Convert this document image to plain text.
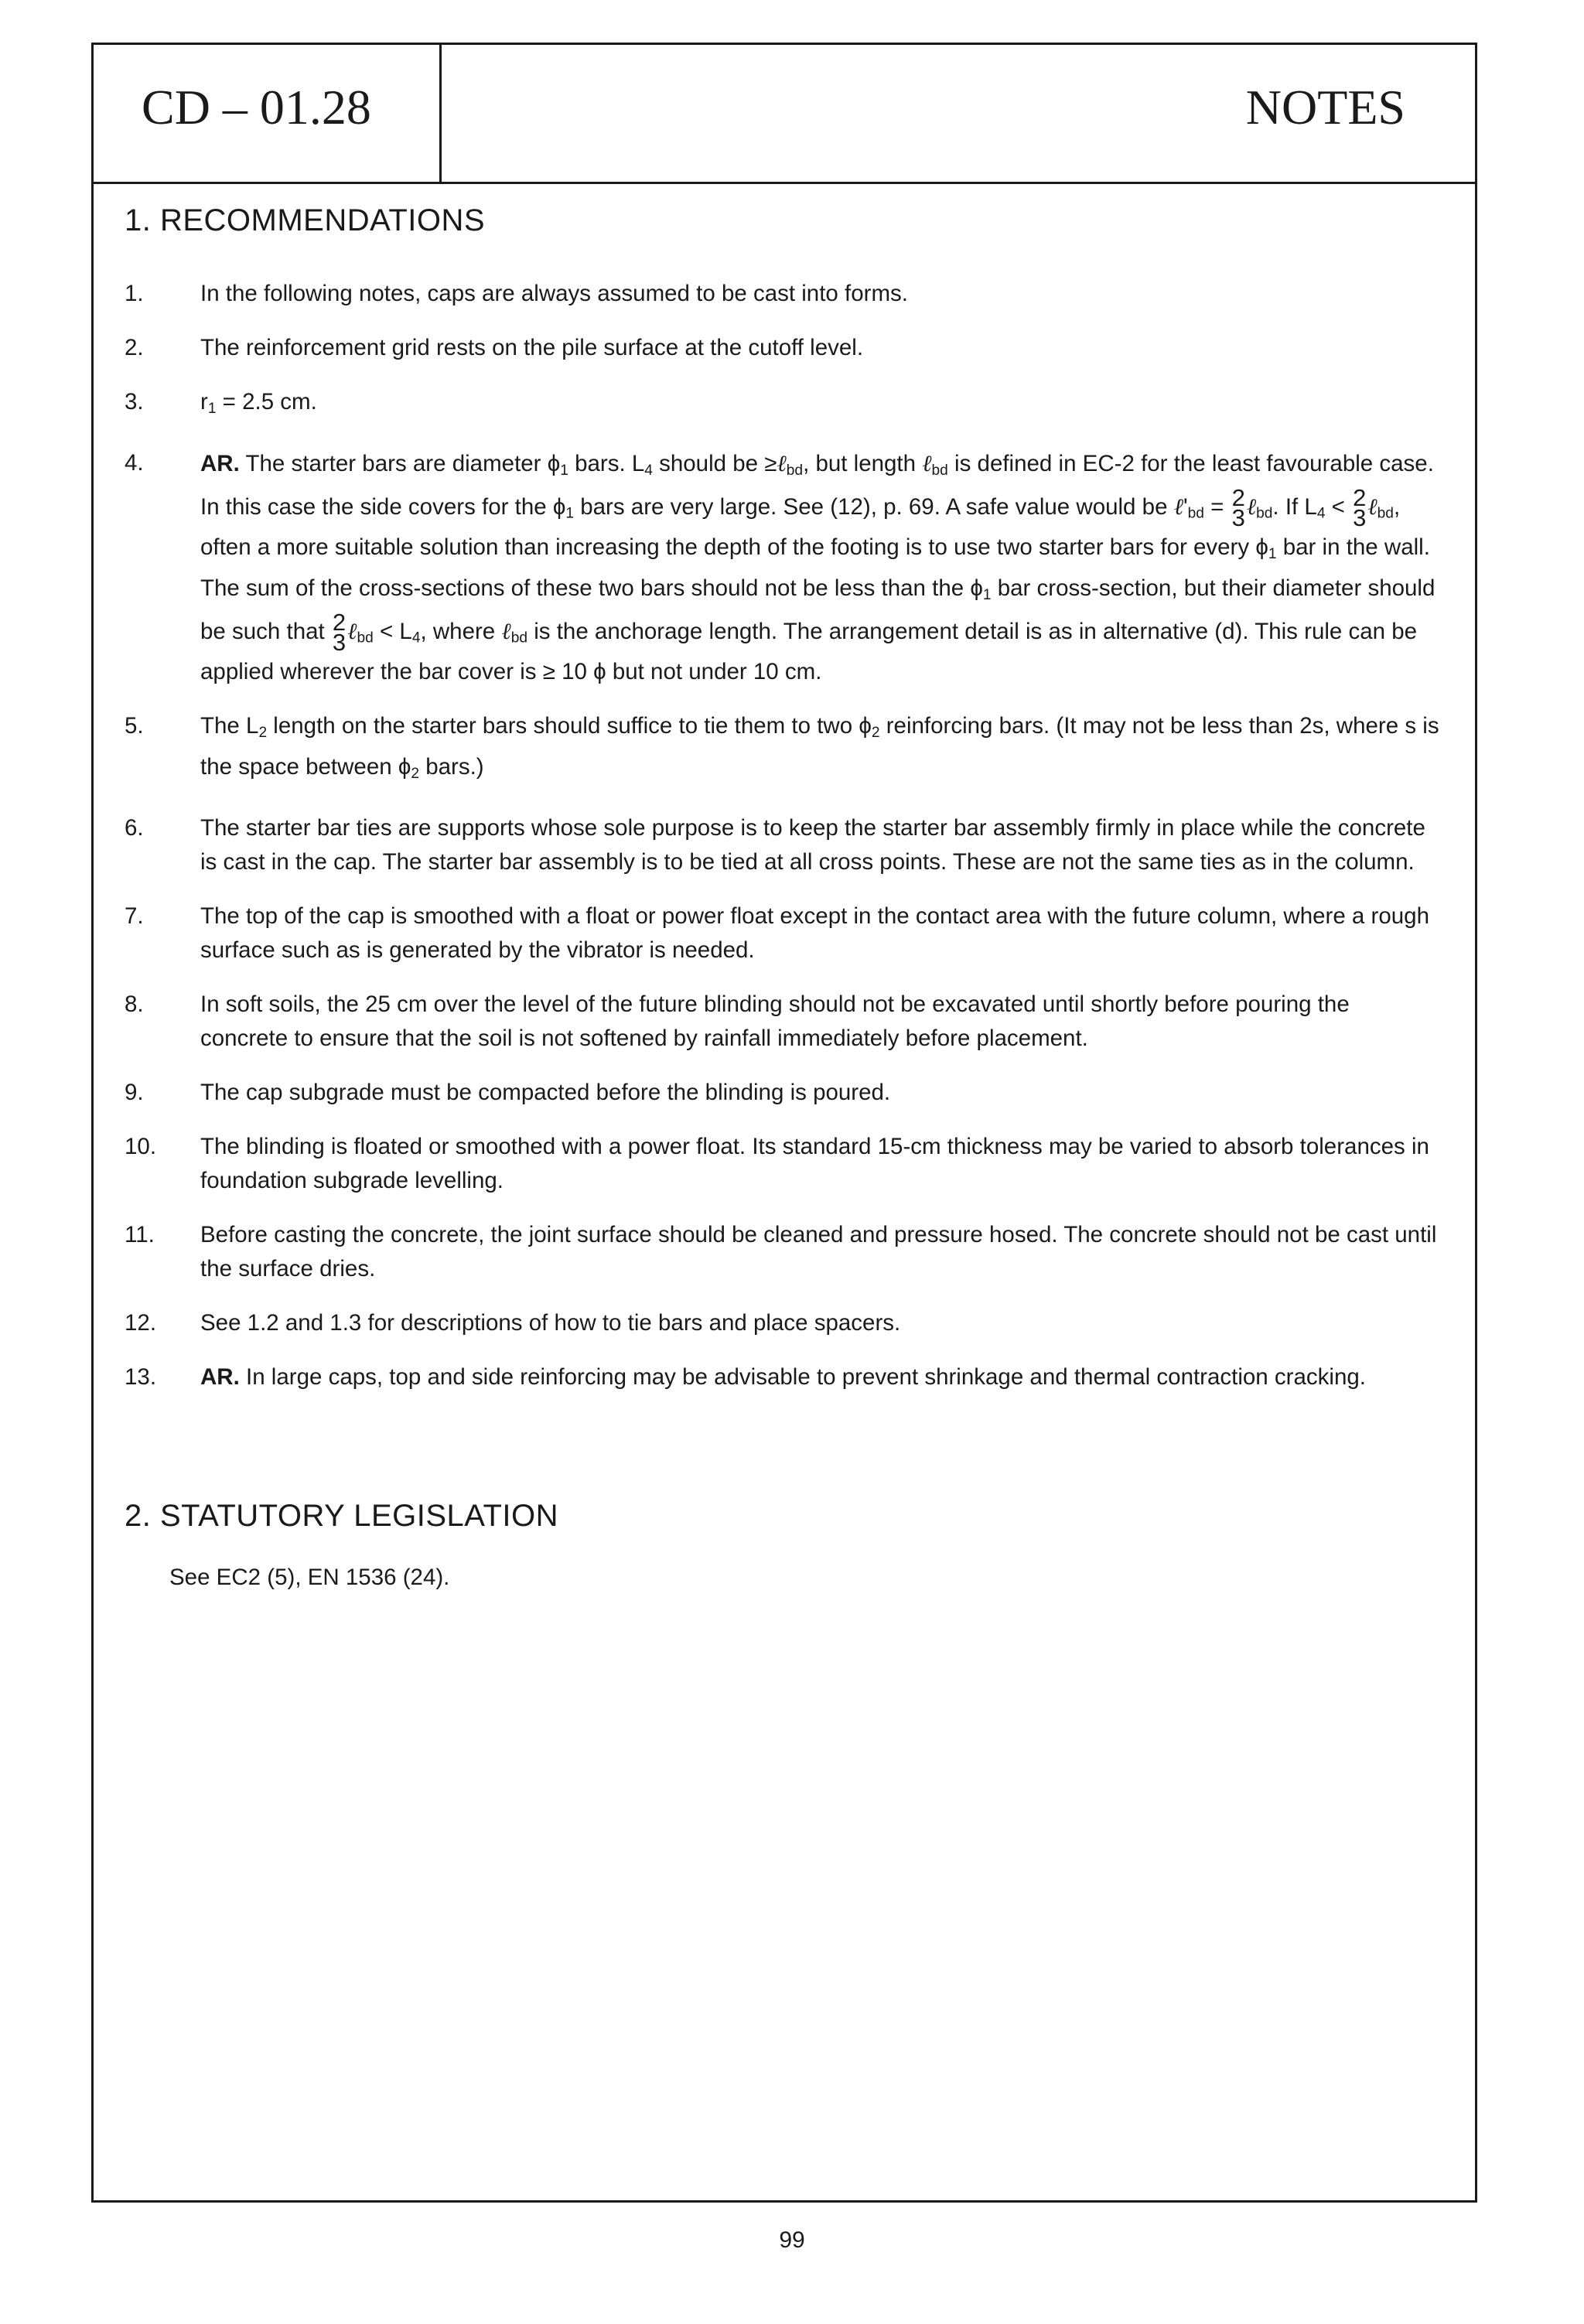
CD – 01.28	NOTES
1. RECOMMENDATIONS
1. In the following notes, caps are always assumed to be cast into forms.
2. The reinforcement grid rests on the pile surface at the cutoff level.
3. $r_1 = 2.5$ cm.
4. AR. The starter bars are diameter $\phi_1$ bars. $L_4$ should be ≥ℓ$_{bd}$, but length ℓ$_{bd}$ is defined in EC-2 for the least favourable case. In this case the side covers for the $\phi_1$ bars are very large. See (12), p. 69. A safe value would be $\ell'_{bd} = 2$
3 ℓ$_{bd}$. If $L_4 < 2$
3 ℓ$_{bd}$, often a more suitable solution than increasing the depth of the footing is to use two starter bars for every $\phi_1$ bar in the wall. The sum of the cross-sections of these two bars should not be less than the $\phi_1$ bar cross-section, but their diameter should be such that 2
3 ℓ$_{bd}$ < $L_4$, where ℓ$_{bd}$ is the anchorage length. The arrangement detail is as in alternative (d). This rule can be applied wherever the bar cover is ≥ 10 ϕ but not under 10 cm.
5. The $L_2$ length on the starter bars should suffice to tie them to two $\phi_2$ reinforcing bars. (It may not be less than 2s, where s is the space between $\phi_2$ bars.)
6. The starter bar ties are supports whose sole purpose is to keep the starter bar assembly firmly in place while the concrete is cast in the cap. The starter bar assembly is to be tied at all cross points. These are not the same ties as in the column.
7. The top of the cap is smoothed with a float or power float except in the contact area with the future column, where a rough surface such as is generated by the vibrator is needed.
8. In soft soils, the 25 cm over the level of the future blinding should not be excavated until shortly before pouring the concrete to ensure that the soil is not softened by rainfall immediately before placement.
9. The cap subgrade must be compacted before the blinding is poured.
10. The blinding is floated or smoothed with a power float. Its standard 15-cm thickness may be varied to absorb tolerances in foundation subgrade levelling.
11. Before casting the concrete, the joint surface should be cleaned and pressure hosed. The concrete should not be cast until the surface dries.
12. See 1.2 and 1.3 for descriptions of how to tie bars and place spacers.
13. AR. In large caps, top and side reinforcing may be advisable to prevent shrinkage and thermal contraction cracking.
2. STATUTORY LEGISLATION
See EC2 (5), EN 1536 (24).
99
